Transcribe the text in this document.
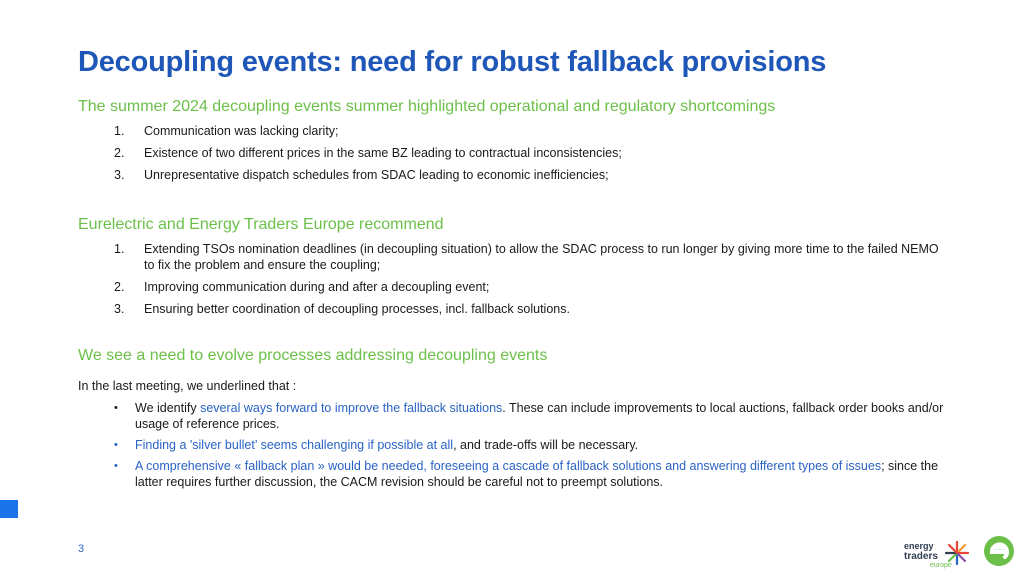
Decoupling events: need for robust fallback provisions
The summer 2024 decoupling events summer highlighted operational and regulatory shortcomings
1. Communication was lacking clarity;
2. Existence of two different prices in the same BZ leading to contractual inconsistencies;
3. Unrepresentative dispatch schedules from SDAC leading to economic inefficiencies;
Eurelectric and Energy Traders Europe recommend
1. Extending TSOs nomination deadlines (in decoupling situation) to allow the SDAC process to run longer by giving more time to the failed NEMO to fix the problem and ensure the coupling;
2. Improving communication during and after a decoupling event;
3. Ensuring better coordination of decoupling processes, incl. fallback solutions.
We see a need to evolve processes addressing decoupling events
In the last meeting, we underlined that :
• We identify several ways forward to improve the fallback situations. These can include improvements to local auctions, fallback order books and/or usage of reference prices.
• Finding a 'silver bullet’ seems challenging if possible at all, and trade-offs will be necessary.
• A comprehensive « fallback plan » would be needed, foreseeing a cascade of fallback solutions and answering different types of issues; since the latter requires further discussion, the CACM revision should be careful not to preempt solutions.
3	energy
traders
europe
